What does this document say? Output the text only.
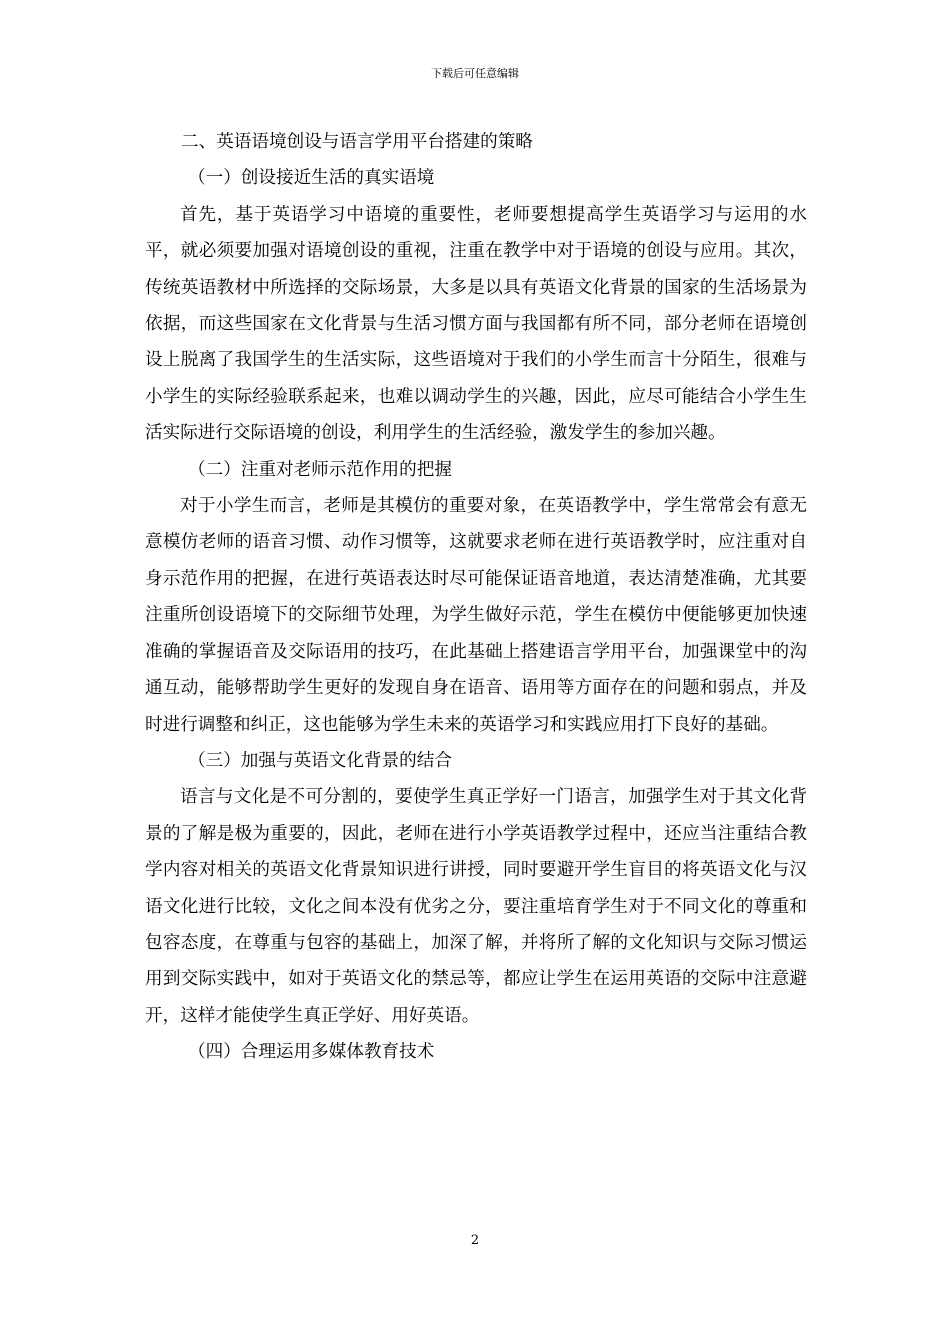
下载后可任意编辑

二、英语语境创设与语言学用平台搭建的策略

（一）创设接近生活的真实语境

首先，基于英语学习中语境的重要性，老师要想提高学生英语学习与运用的水平，就必须要加强对语境创设的重视，注重在教学中对于语境的创设与应用。其次，传统英语教材中所选择的交际场景，大多是以具有英语文化背景的国家的生活场景为依据，而这些国家在文化背景与生活习惯方面与我国都有所不同，部分老师在语境创设上脱离了我国学生的生活实际，这些语境对于我们的小学生而言十分陌生，很难与小学生的实际经验联系起来，也难以调动学生的兴趣，因此，应尽可能结合小学生生活实际进行交际语境的创设，利用学生的生活经验，激发学生的参加兴趣。

（二）注重对老师示范作用的把握

对于小学生而言，老师是其模仿的重要对象，在英语教学中，学生常常会有意无意模仿老师的语音习惯、动作习惯等，这就要求老师在进行英语教学时，应注重对自身示范作用的把握，在进行英语表达时尽可能保证语音地道，表达清楚准确，尤其要注重所创设语境下的交际细节处理，为学生做好示范，学生在模仿中便能够更加快速准确的掌握语音及交际语用的技巧，在此基础上搭建语言学用平台，加强课堂中的沟通互动，能够帮助学生更好的发现自身在语音、语用等方面存在的问题和弱点，并及时进行调整和纠正，这也能够为学生未来的英语学习和实践应用打下良好的基础。

（三）加强与英语文化背景的结合

语言与文化是不可分割的，要使学生真正学好一门语言，加强学生对于其文化背景的了解是极为重要的，因此，老师在进行小学英语教学过程中，还应当注重结合教学内容对相关的英语文化背景知识进行讲授，同时要避开学生盲目的将英语文化与汉语文化进行比较，文化之间本没有优劣之分，要注重培育学生对于不同文化的尊重和包容态度，在尊重与包容的基础上，加深了解，并将所了解的文化知识与交际习惯运用到交际实践中，如对于英语文化的禁忌等，都应让学生在运用英语的交际中注意避开，这样才能使学生真正学好、用好英语。

（四）合理运用多媒体教育技术

2
